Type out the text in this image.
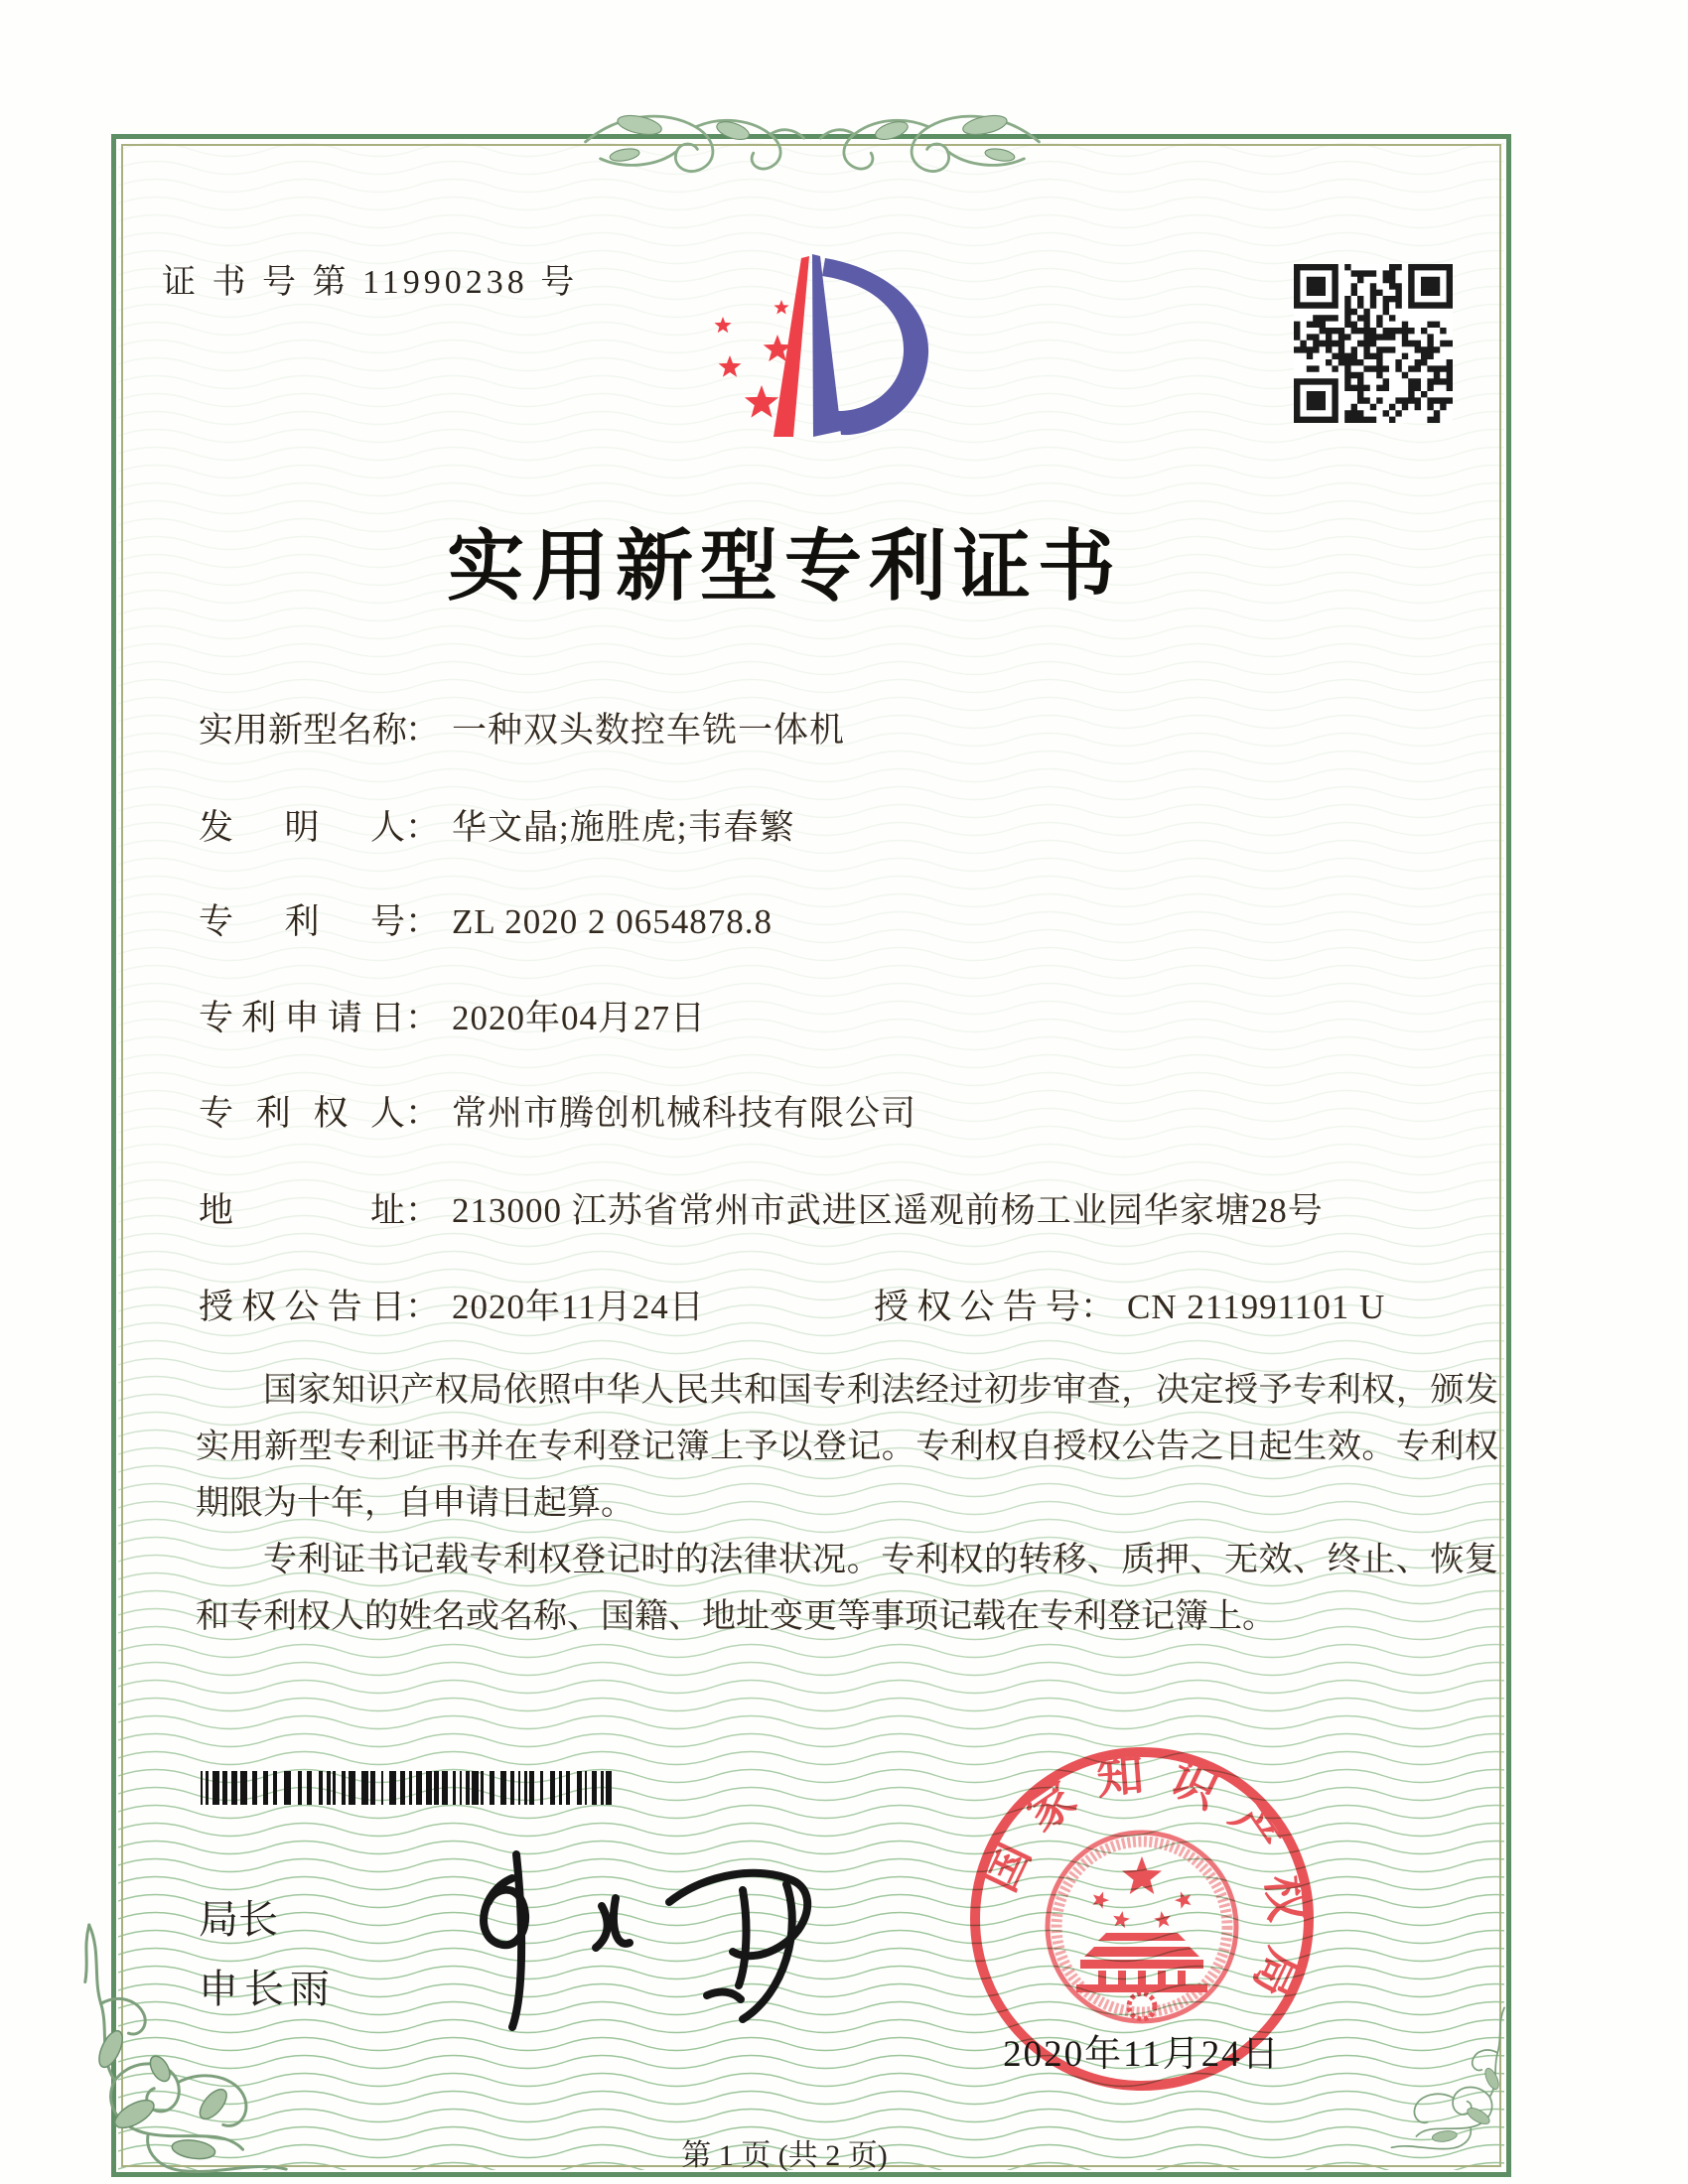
证 书 号 第 11990238 号
实用新型专利证书
实用新型名称： 一种双头数控车铣一体机
发明人： 华文晶;施胜虎;韦春繁
专利号： ZL 2020 2 0654878.8
专利申请日： 2020年04月27日
专利权人： 常州市腾创机械科技有限公司
地址： 213000 江苏省常州市武进区遥观前杨工业园华家塘28号
授权公告日： 2020年11月24日	授权公告号： CN 211991101 U

国家知识产权局依照中华人民共和国专利法经过初步审查，决定授予专利权，颁发实用新型专利证书并在专利登记簿上予以登记。专利权自授权公告之日起生效。专利权期限为十年，自申请日起算。

专利证书记载专利权登记时的法律状况。专利权的转移、质押、无效、终止、恢复和专利权人的姓名或名称、国籍、地址变更等事项记载在专利登记簿上。

局长
申长雨
国家知识产权局
2020年11月24日
第 1 页 (共 2 页)
